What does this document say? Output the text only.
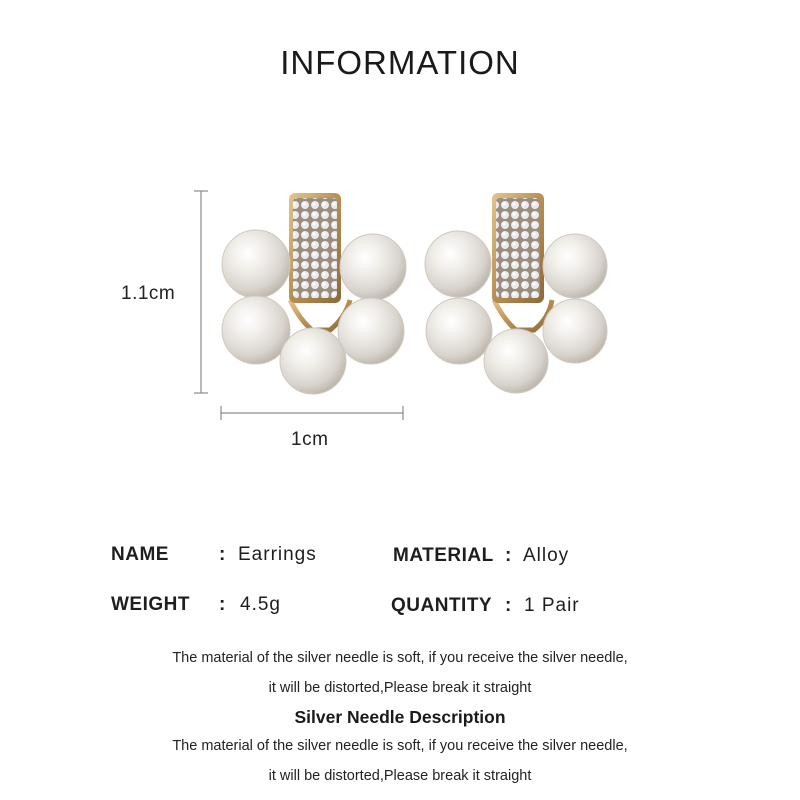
INFORMATION
1.1cm
1cm
NAME	: Earrings	MATERIAL : Alloy
WEIGHT : 4.5g	QUANTITY : 1 Pair
The material of the silver needle is soft, if you receive the silver needle,
it will be distorted,Please break it straight
Silver Needle Description
The material of the silver needle is soft, if you receive the silver needle,
it will be distorted,Please break it straight
